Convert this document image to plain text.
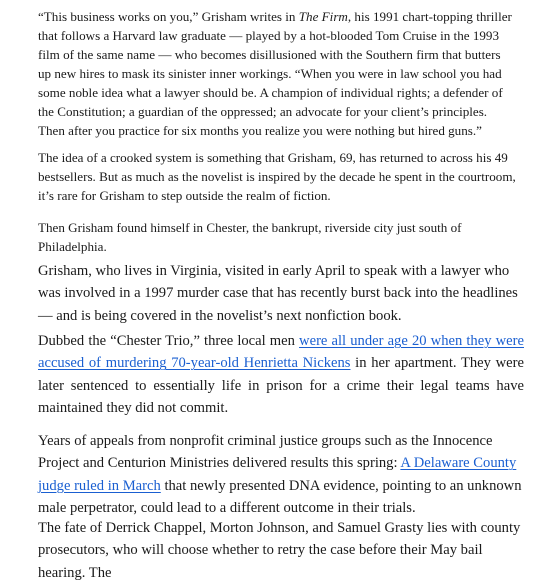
“This business works on you,” Grisham writes in The Firm, his 1991 chart-topping thriller that follows a Harvard law graduate — played by a hot-blooded Tom Cruise in the 1993 film of the same name — who becomes disillusioned with the Southern firm that butters up new hires to mask its sinister inner workings. “When you were in law school you had some noble idea what a lawyer should be. A champion of individual rights; a defender of the Constitution; a guardian of the oppressed; an advocate for your client’s principles. Then after you practice for six months you realize you were nothing but hired guns.”

The idea of a crooked system is something that Grisham, 69, has returned to across his 49 bestsellers. But as much as the novelist is inspired by the decade he spent in the courtroom, it’s rare for Grisham to step outside the realm of fiction.

Then Grisham found himself in Chester, the bankrupt, riverside city just south of Philadelphia.

Grisham, who lives in Virginia, visited in early April to speak with a lawyer who was involved in a 1997 murder case that has recently burst back into the headlines — and is being covered in the novelist’s next nonfiction book.

Dubbed the “Chester Trio,” three local men were all under age 20 when they were accused of murdering 70-year-old Henrietta Nickens in her apartment. They were later sentenced to essentially life in prison for a crime their legal teams have maintained they did not commit.

Years of appeals from nonprofit criminal justice groups such as the Innocence Project and Centurion Ministries delivered results this spring: A Delaware County judge ruled in March that newly presented DNA evidence, pointing to an unknown male perpetrator, could lead to a different outcome in their trials.

The fate of Derrick Chappel, Morton Johnson, and Samuel Grasty lies with county prosecutors, who will choose whether to retry the case before their May bail hearing. The
